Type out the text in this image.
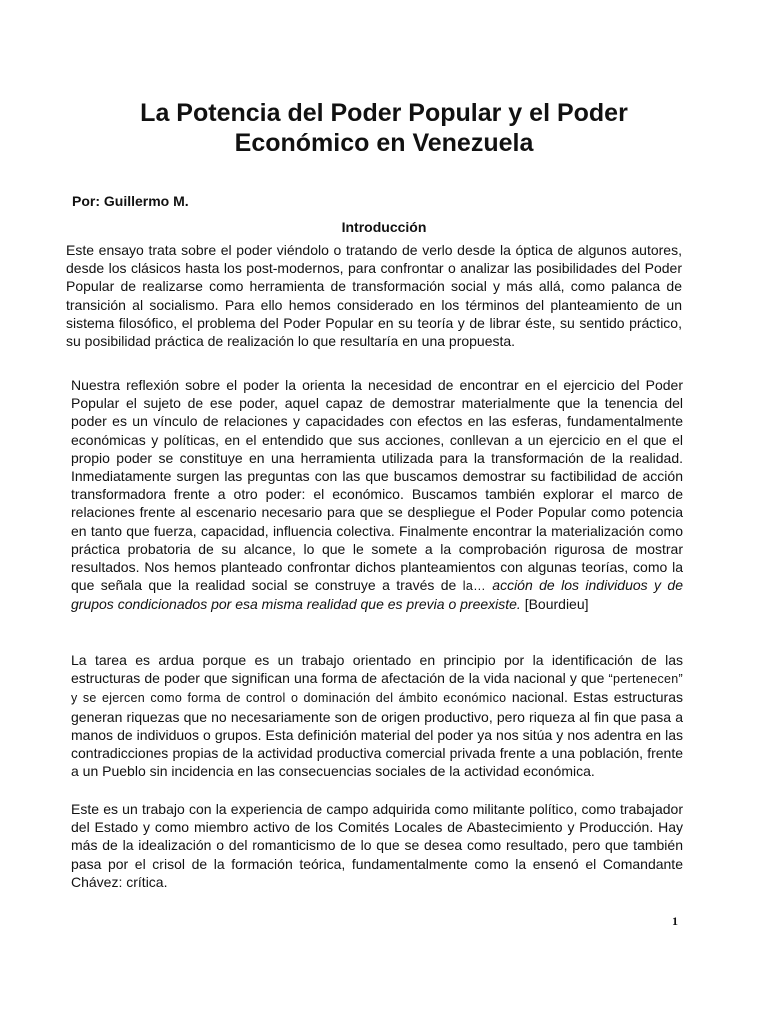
La Potencia del Poder Popular y el Poder
Económico en Venezuela
Por: Guillermo M.
Introducción

Este ensayo trata sobre el poder viéndolo o tratando de verlo desde la óptica de algunos autores, desde los clásicos hasta los post-modernos, para confrontar o analizar las posibilidades del Poder Popular de realizarse como herramienta de transformación social y más allá, como palanca de transición al socialismo. Para ello hemos considerado en los términos del planteamiento de un sistema filosófico, el problema del Poder Popular en su teoría y de librar éste, su sentido práctico, su posibilidad práctica de realización lo que resultaría en una propuesta.

Nuestra reflexión sobre el poder la orienta la necesidad de encontrar en el ejercicio del Poder Popular el sujeto de ese poder, aquel capaz de demostrar materialmente que la tenencia del poder es un vínculo de relaciones y capacidades con efectos en las esferas, fundamentalmente económicas y políticas, en el entendido que sus acciones, conllevan a un ejercicio en el que el propio poder se constituye en una herramienta utilizada para la transformación de la realidad. Inmediatamente surgen las preguntas con las que buscamos demostrar su factibilidad de acción transformadora frente a otro poder: el económico. Buscamos también explorar el marco de relaciones frente al escenario necesario para que se despliegue el Poder Popular como potencia en tanto que fuerza, capacidad, influencia colectiva. Finalmente encontrar la materialización como práctica probatoria de su alcance, lo que le somete a la comprobación rigurosa de mostrar resultados. Nos hemos planteado confrontar dichos planteamientos con algunas teorías, como la que señala que la realidad social se construye a través de la… acción de los individuos y de grupos condicionados por esa misma realidad que es previa o preexiste. [Bourdieu]

La tarea es ardua porque es un trabajo orientado en principio por la identificación de las estructuras de poder que significan una forma de afectación de la vida nacional y que “pertenecen” y se ejercen como forma de control o dominación del ámbito económico nacional. Estas estructuras generan riquezas que no necesariamente son de origen productivo, pero riqueza al fin que pasa a manos de individuos o grupos. Esta definición material del poder ya nos sitúa y nos adentra en las contradicciones propias de la actividad productiva comercial privada frente a una población, frente a un Pueblo sin incidencia en las consecuencias sociales de la actividad económica.

Este es un trabajo con la experiencia de campo adquirida como militante político, como trabajador del Estado y como miembro activo de los Comités Locales de Abastecimiento y Producción. Hay más de la idealización o del romanticismo de lo que se desea como resultado, pero que también pasa por el crisol de la formación teórica, fundamentalmente como la ensenó el Comandante Chávez: crítica.

1
